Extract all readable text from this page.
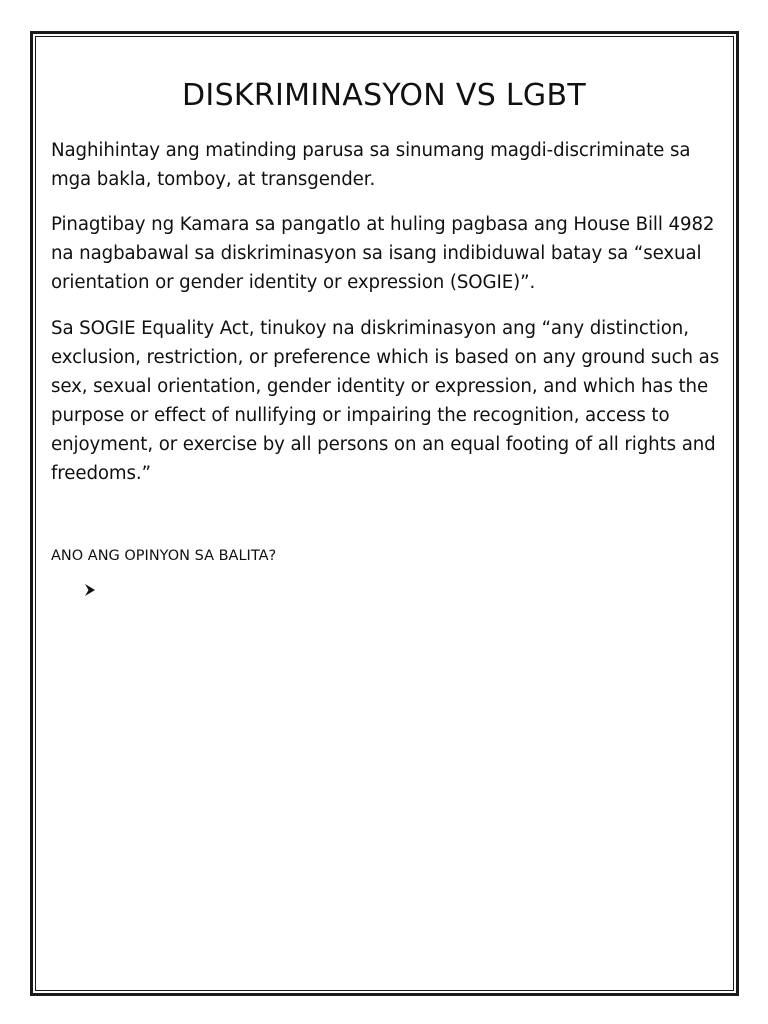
DISKRIMINASYON VS LGBT

Naghihintay ang matinding parusa sa sinumang magdi-discriminate sa mga bakla, tomboy, at transgender.

Pinagtibay ng Kamara sa pangatlo at huling pagbasa ang House Bill 4982 na nagbabawal sa diskriminasyon sa isang indibiduwal batay sa “sexual orientation or gender identity or expression (SOGIE)”.

Sa SOGIE Equality Act, tinukoy na diskriminasyon ang “any distinction, exclusion, restriction, or preference which is based on any ground such as sex, sexual orientation, gender identity or expression, and which has the purpose or effect of nullifying or impairing the recognition, access to enjoyment, or exercise by all persons on an equal footing of all rights and freedoms.”

ANO ANG OPINYON SA BALITA?
